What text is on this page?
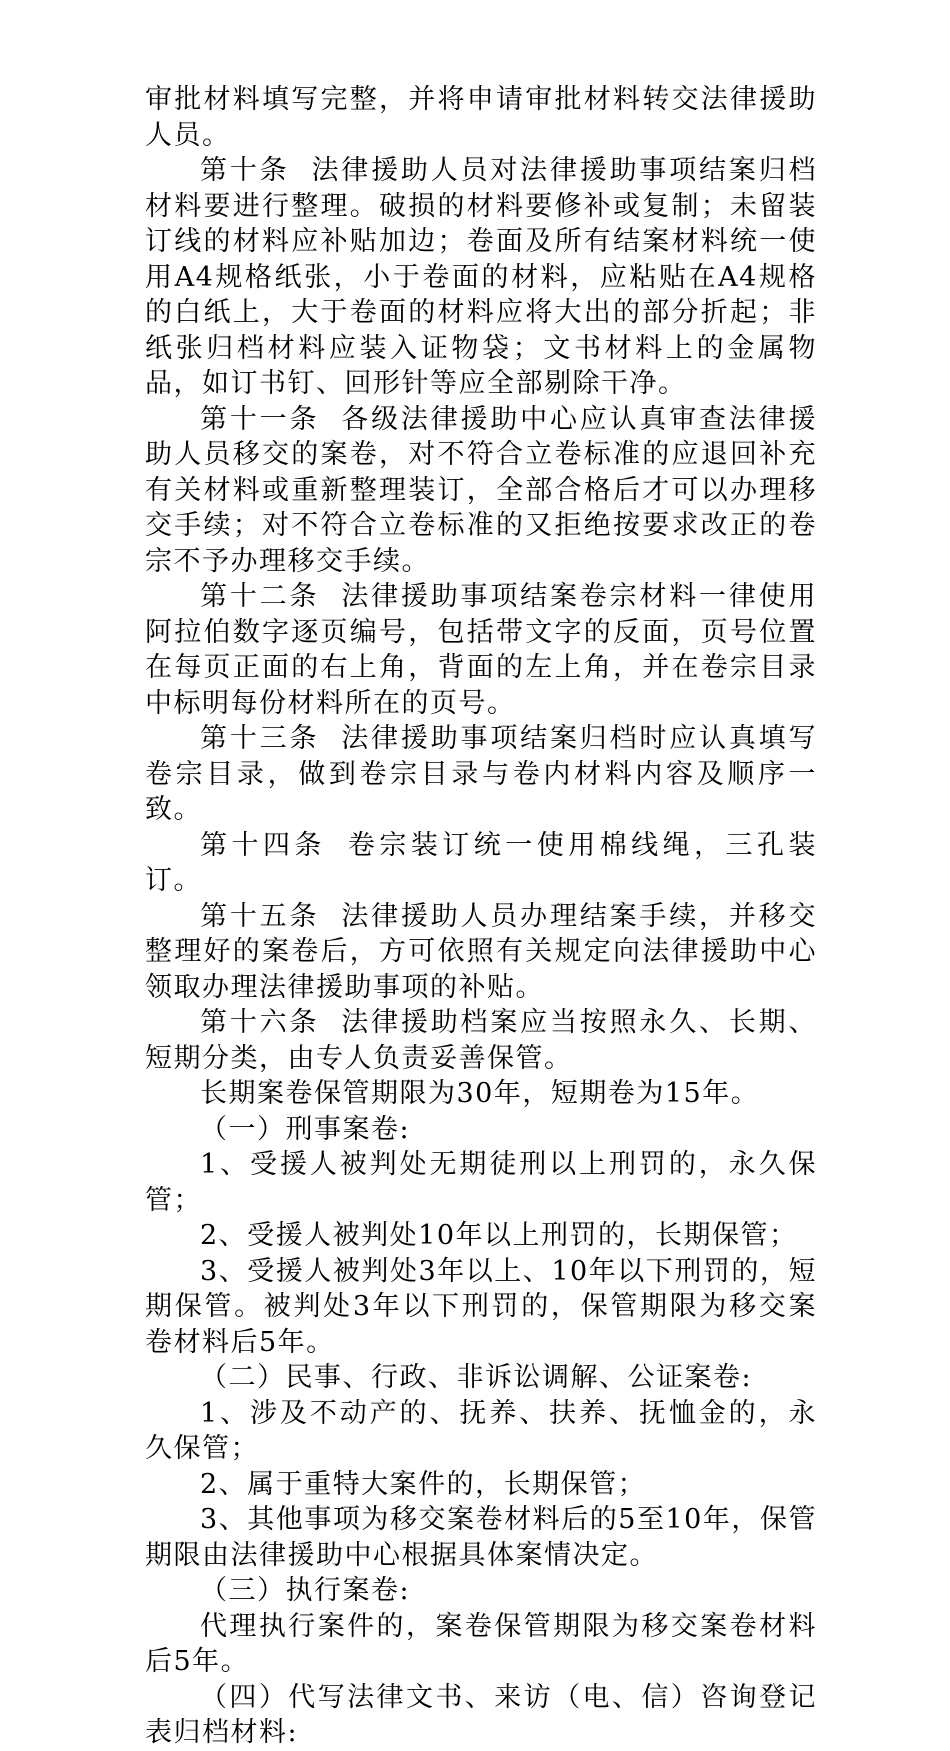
审批材料填写完整，并将申请审批材料转交法律援助人员。

第十条 法律援助人员对法律援助事项结案归档材料要进行整理。破损的材料要修补或复制；未留装订线的材料应补贴加边；卷面及所有结案材料统一使用A4规格纸张，小于卷面的材料，应粘贴在A4规格的白纸上，大于卷面的材料应将大出的部分折起；非纸张归档材料应装入证物袋；文书材料上的金属物品，如订书钉、回形针等应全部剔除干净。

第十一条 各级法律援助中心应认真审查法律援助人员移交的案卷，对不符合立卷标准的应退回补充有关材料或重新整理装订，全部合格后才可以办理移交手续；对不符合立卷标准的又拒绝按要求改正的卷宗不予办理移交手续。

第十二条 法律援助事项结案卷宗材料一律使用阿拉伯数字逐页编号，包括带文字的反面，页号位置在每页正面的右上角，背面的左上角，并在卷宗目录中标明每份材料所在的页号。

第十三条 法律援助事项结案归档时应认真填写卷宗目录，做到卷宗目录与卷内材料内容及顺序一致。

第十四条 卷宗装订统一使用棉线绳，三孔装订。

第十五条 法律援助人员办理结案手续，并移交整理好的案卷后，方可依照有关规定向法律援助中心领取办理法律援助事项的补贴。

第十六条 法律援助档案应当按照永久、长期、短期分类，由专人负责妥善保管。

长期案卷保管期限为30年，短期卷为15年。

（一）刑事案卷:

1、受援人被判处无期徒刑以上刑罚的，永久保管；

2、受援人被判处10年以上刑罚的，长期保管；

3、受援人被判处3年以上、10年以下刑罚的，短期保管。被判处3年以下刑罚的，保管期限为移交案卷材料后5年。

（二）民事、行政、非诉讼调解、公证案卷:

1、涉及不动产的、抚养、扶养、抚恤金的，永久保管；

2、属于重特大案件的，长期保管；

3、其他事项为移交案卷材料后的5至10年，保管期限由法律援助中心根据具体案情决定。

（三）执行案卷:

代理执行案件的，案卷保管期限为移交案卷材料后5年。

（四）代写法律文书、来访（电、信）咨询登记表归档材料:
